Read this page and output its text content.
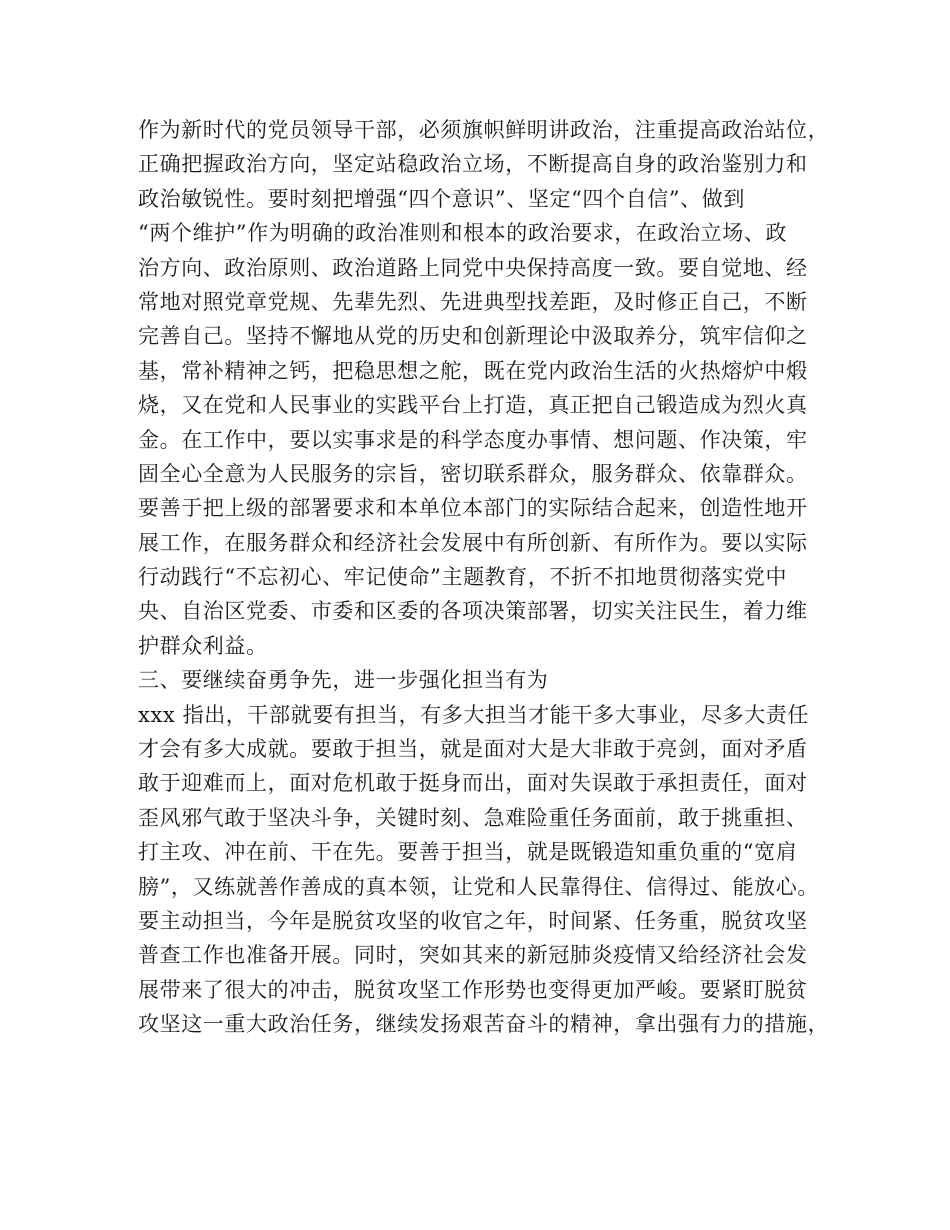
作为新时代的党员领导干部，必须旗帜鲜明讲政治，注重提高政治站位，
正确把握政治方向，坚定站稳政治立场，不断提高自身的政治鉴别力和
政治敏锐性。要时刻把增强“四个意识”、坚定“四个自信”、做到
“两个维护”作为明确的政治准则和根本的政治要求，在政治立场、政
治方向、政治原则、政治道路上同党中央保持高度一致。要自觉地、经
常地对照党章党规、先辈先烈、先进典型找差距，及时修正自己，不断
完善自己。坚持不懈地从党的历史和创新理论中汲取养分，筑牢信仰之
基，常补精神之钙，把稳思想之舵，既在党内政治生活的火热熔炉中煅
烧，又在党和人民事业的实践平台上打造，真正把自己锻造成为烈火真
金。在工作中，要以实事求是的科学态度办事情、想问题、作决策，牢
固全心全意为人民服务的宗旨，密切联系群众，服务群众、依靠群众。
要善于把上级的部署要求和本单位本部门的实际结合起来，创造性地开
展工作，在服务群众和经济社会发展中有所创新、有所作为。要以实际
行动践行“不忘初心、牢记使命”主题教育，不折不扣地贯彻落实党中
央、自治区党委、市委和区委的各项决策部署，切实关注民生，着力维
护群众利益。
三、要继续奋勇争先，进一步强化担当有为
xxx 指出，干部就要有担当，有多大担当才能干多大事业，尽多大责任
才会有多大成就。要敢于担当，就是面对大是大非敢于亮剑，面对矛盾
敢于迎难而上，面对危机敢于挺身而出，面对失误敢于承担责任，面对
歪风邪气敢于坚决斗争，关键时刻、急难险重任务面前，敢于挑重担、
打主攻、冲在前、干在先。要善于担当，就是既锻造知重负重的“宽肩
膀”，又练就善作善成的真本领，让党和人民靠得住、信得过、能放心。
要主动担当，今年是脱贫攻坚的收官之年，时间紧、任务重，脱贫攻坚
普查工作也准备开展。同时，突如其来的新冠肺炎疫情又给经济社会发
展带来了很大的冲击，脱贫攻坚工作形势也变得更加严峻。要紧盯脱贫
攻坚这一重大政治任务，继续发扬艰苦奋斗的精神，拿出强有力的措施，
